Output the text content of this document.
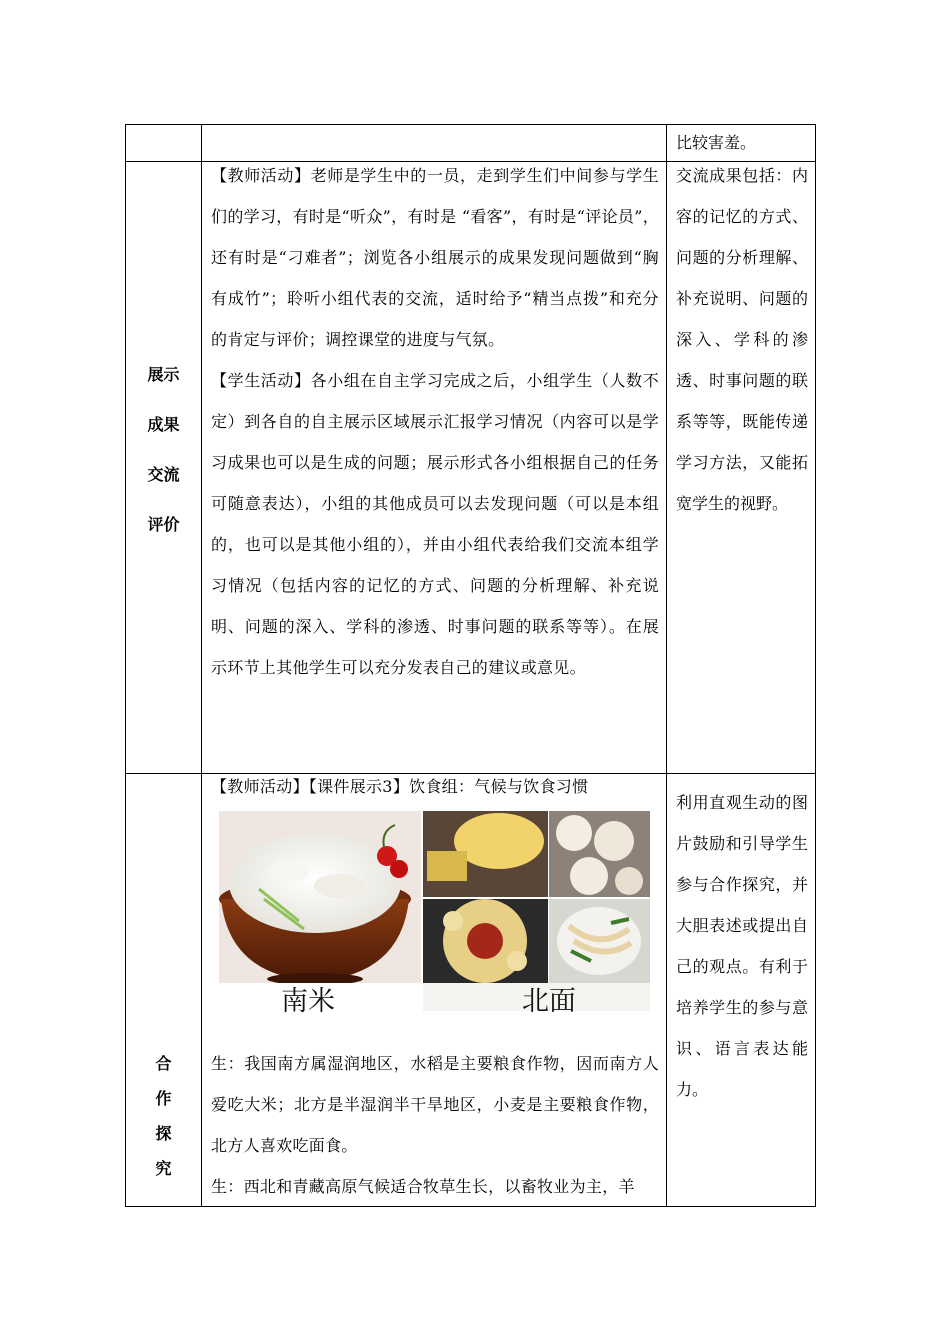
比较害羞。
展示
成果
交流
评价

【教师活动】老师是学生中的一员，走到学生们中间参与学生们的学习，有时是“听众”，有时是 “看客”，有时是“评论员”，还有时是“刁难者”；浏览各小组展示的成果发现问题做到“胸有成竹”；聆听小组代表的交流，适时给予“精当点拨”和充分的肯定与评价；调控课堂的进度与气氛。

【学生活动】各小组在自主学习完成之后，小组学生（人数不定）到各自的自主展示区域展示汇报学习情况（内容可以是学习成果也可以是生成的问题；展示形式各小组根据自己的任务可随意表达），小组的其他成员可以去发现问题（可以是本组的，也可以是其他小组的），并由小组代表给我们交流本组学习情况（包括内容的记忆的方式、问题的分析理解、补充说明、问题的深入、学科的渗透、时事问题的联系等等）。在展示环节上其他学生可以充分发表自己的建议或意见。

交流成果包括：内容的记忆的方式、问题的分析理解、补充说明、问题的深入、学科的渗透、时事问题的联系等等，既能传递学习方法，又能拓宽学生的视野。
合
作
探
究
【教师活动】【课件展示3】饮食组：气候与饮食习惯
南米	北面

生：我国南方属湿润地区，水稻是主要粮食作物，因而南方人爱吃大米；北方是半湿润半干旱地区，小麦是主要粮食作物，北方人喜欢吃面食。

生：西北和青藏高原气候适合牧草生长，以畜牧业为主，羊

利用直观生动的图片鼓励和引导学生参与合作探究，并大胆表述或提出自己的观点。有利于培养学生的参与意识、语言表达能力。
